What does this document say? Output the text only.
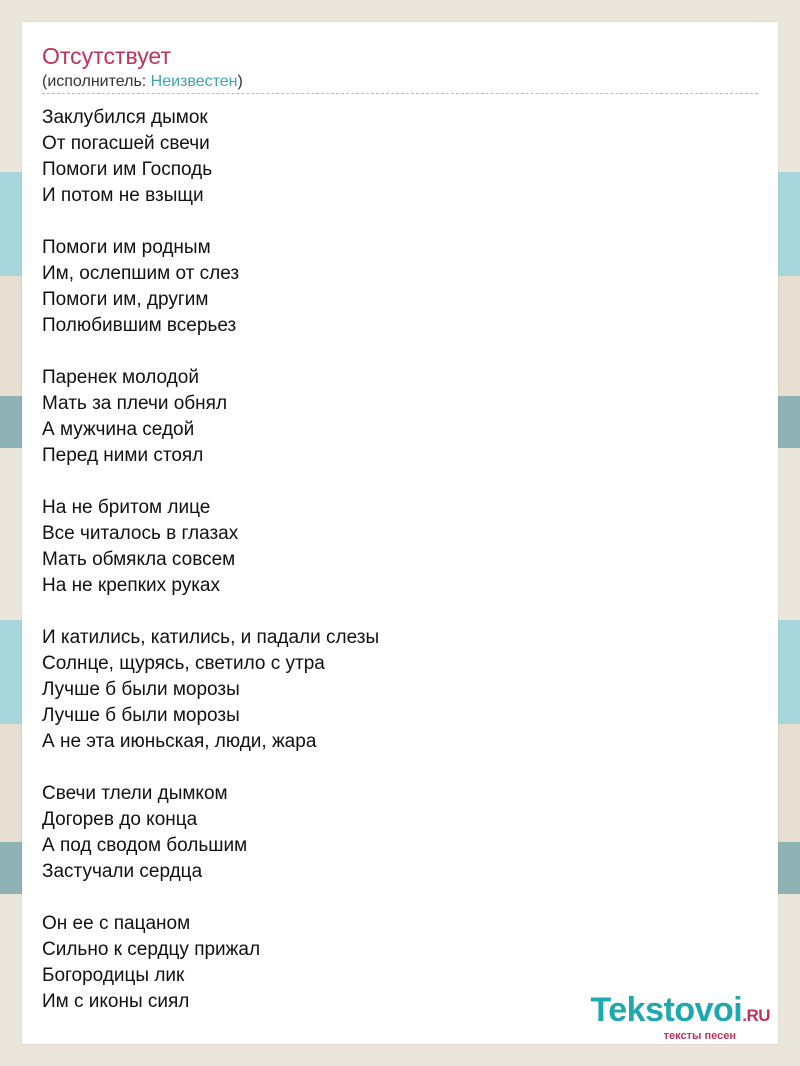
Отсутствует
(исполнитель: Неизвестен)
Заклубился дымок
От погасшей свечи
Помоги им Господь
И потом не взыщи
Помоги им родным
Им, ослепшим от слез
Помоги им, другим
Полюбившим всерьез
Паренек молодой
Мать за плечи обнял
А мужчина седой
Перед ними стоял
На не бритом лице
Все читалось в глазах
Мать обмякла совсем
На не крепких руках
И катились, катились, и падали слезы
Солнце, щурясь, светило с утра
Лучше б были морозы
Лучше б были морозы
А не эта июньская, люди, жара
Свечи тлели дымком
Догорев до конца
А под сводом большим
Застучали сердца
Он ее с пацаном
Сильно к сердцу прижал
Богородицы лик
Им с иконы сиял	Tekstovoi.RU
тексты песен
